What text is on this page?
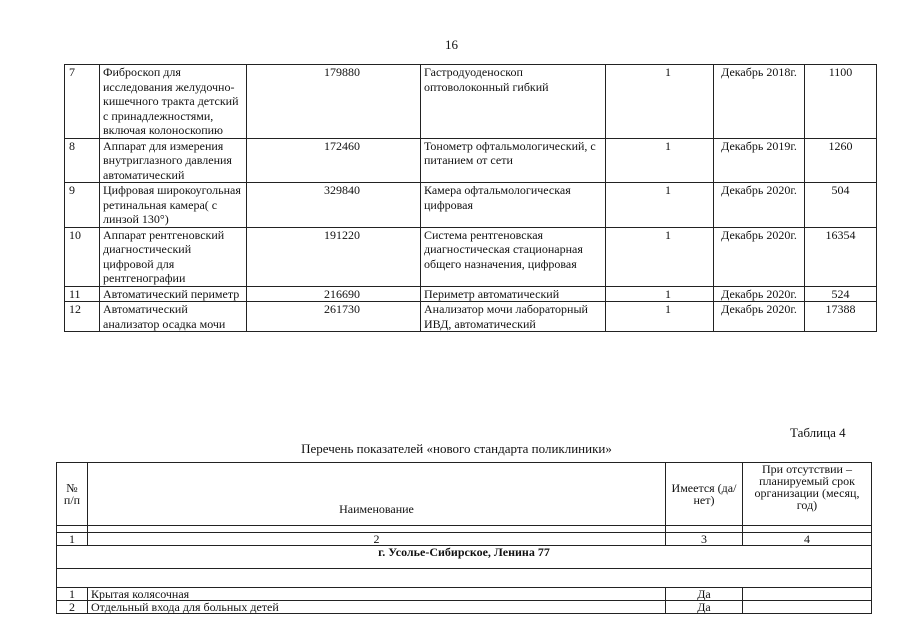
16
7	Фиброскоп для исследования желудочно-кишечного тракта детский с принадлежностями, включая колоноскопию	179880	Гастродуоденоскоп оптоволоконный гибкий	1	Декабрь 2018г.	1100
8	Аппарат для измерения внутриглазного давления автоматический	172460	Тонометр офтальмологический, с питанием от сети	1	Декабрь 2019г.	1260
9	Цифровая широкоугольная ретинальная камера( с линзой 130°)	329840	Камера офтальмологическая цифровая	1	Декабрь 2020г.	504
10	Аппарат рентгеновский диагностический цифровой для рентгенографии	191220	Система рентгеновская диагностическая стационарная общего назначения, цифровая	1	Декабрь 2020г.	16354
11	Автоматический периметр	216690	Периметр автоматический	1	Декабрь 2020г.	524
12	Автоматический анализатор осадка мочи	261730	Анализатор мочи лабораторный ИВД, автоматический	1	Декабрь 2020г.	17388
Таблица 4
Перечень показателей «нового стандарта поликлиники»
№ п/п	Наименование	Имеется (да/нет)	При отсутствии – планируемый срок организации (месяц, год)

1	2	3	4
г. Усолье-Сибирское, Ленина 77			

1	Крытая колясочная	Да	
2	Отдельный входа для больных детей	Да	
